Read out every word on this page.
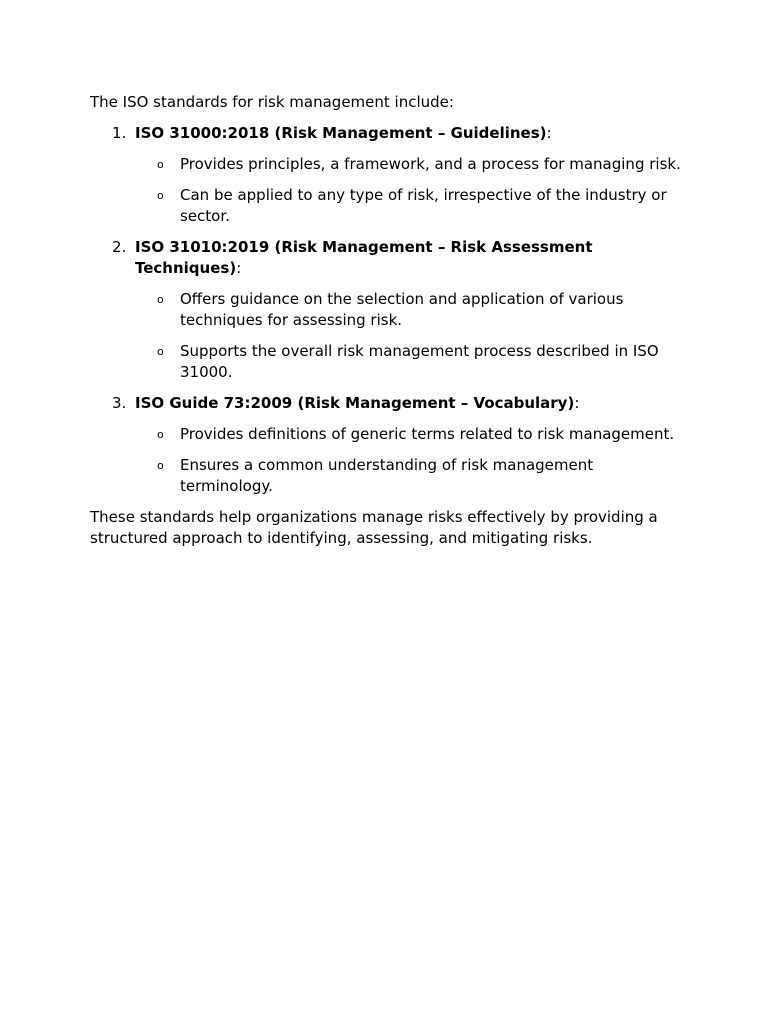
The ISO standards for risk management include:

1. ISO 31000:2018 (Risk Management – Guidelines):
o Provides principles, a framework, and a process for managing risk.
o Can be applied to any type of risk, irrespective of the industry or sector.
2. ISO 31010:2019 (Risk Management – Risk Assessment Techniques):
o Offers guidance on the selection and application of various techniques for assessing risk.
o Supports the overall risk management process described in ISO 31000.
3. ISO Guide 73:2009 (Risk Management – Vocabulary):
o Provides definitions of generic terms related to risk management.
o Ensures a common understanding of risk management terminology.

These standards help organizations manage risks effectively by providing a structured approach to identifying, assessing, and mitigating risks.
